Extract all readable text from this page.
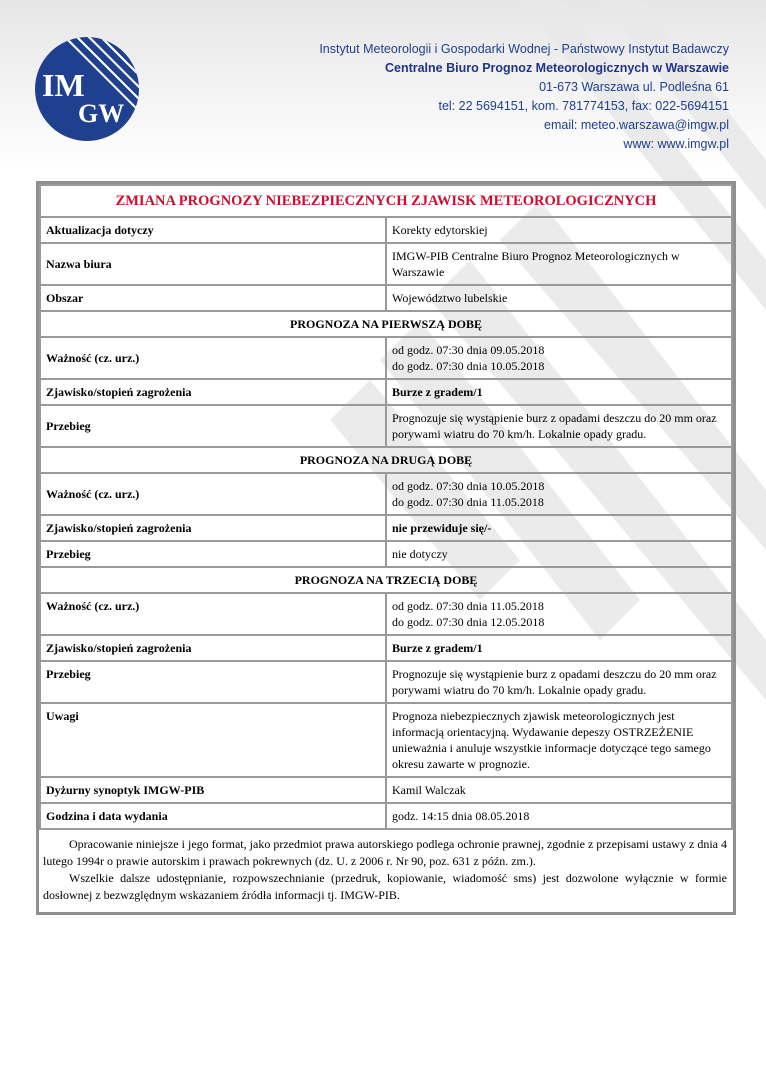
IM
GW
Instytut Meteorologii i Gospodarki Wodnej - Państwowy Instytut Badawczy
Centralne Biuro Prognoz Meteorologicznych w Warszawie
01-673 Warszawa ul. Podleśna 61
tel: 22 5694151, kom. 781774153, fax: 022-5694151
email: meteo.warszawa@imgw.pl
www: www.imgw.pl
ZMIANA PROGNOZY NIEBEZPIECZNYCH ZJAWISK METEOROLOGICZNYCH	
Aktualizacja dotyczy	Korekty edytorskiej
Nazwa biura	IMGW-PIB Centralne Biuro Prognoz Meteorologicznych w Warszawie
Obszar	Województwo lubelskie
PROGNOZA NA PIERWSZĄ DOBĘ	
Ważność (cz. urz.)	od godz. 07:30 dnia 09.05.2018
do godz. 07:30 dnia 10.05.2018

Zjawisko/stopień zagrożenia	Burze z gradem/1
Przebieg	Prognozuje się wystąpienie burz z opadami deszczu do 20 mm oraz porywami wiatru do 70 km/h. Lokalnie opady gradu.
PROGNOZA NA DRUGĄ DOBĘ	
Ważność (cz. urz.)	od godz. 07:30 dnia 10.05.2018
do godz. 07:30 dnia 11.05.2018

Zjawisko/stopień zagrożenia	nie przewiduje się/-
Przebieg	nie dotyczy
PROGNOZA NA TRZECIĄ DOBĘ	
Ważność (cz. urz.)	od godz. 07:30 dnia 11.05.2018
do godz. 07:30 dnia 12.05.2018

Zjawisko/stopień zagrożenia	Burze z gradem/1
Przebieg	Prognozuje się wystąpienie burz z opadami deszczu do 20 mm oraz porywami wiatru do 70 km/h. Lokalnie opady gradu.
Uwagi	Prognoza niebezpiecznych zjawisk meteorologicznych jest informacją orientacyjną. Wydawanie depeszy OSTRZEŻENIE unieważnia i anuluje wszystkie informacje dotyczące tego samego okresu zawarte w prognozie.
Dyżurny synoptyk IMGW-PIB	Kamil Walczak
Godzina i data wydania	godz. 14:15 dnia 08.05.2018

Opracowanie niniejsze i jego format, jako przedmiot prawa autorskiego podlega ochronie prawnej, zgodnie z przepisami ustawy z dnia 4 lutego 1994r o prawie autorskim i prawach pokrewnych (dz. U. z 2006 r. Nr 90, poz. 631 z późn. zm.).

Wszelkie dalsze udostępnianie, rozpowszechnianie (przedruk, kopiowanie, wiadomość sms) jest dozwolone wyłącznie w formie dosłownej z bezwzględnym wskazaniem źródła informacji tj. IMGW-PIB.
